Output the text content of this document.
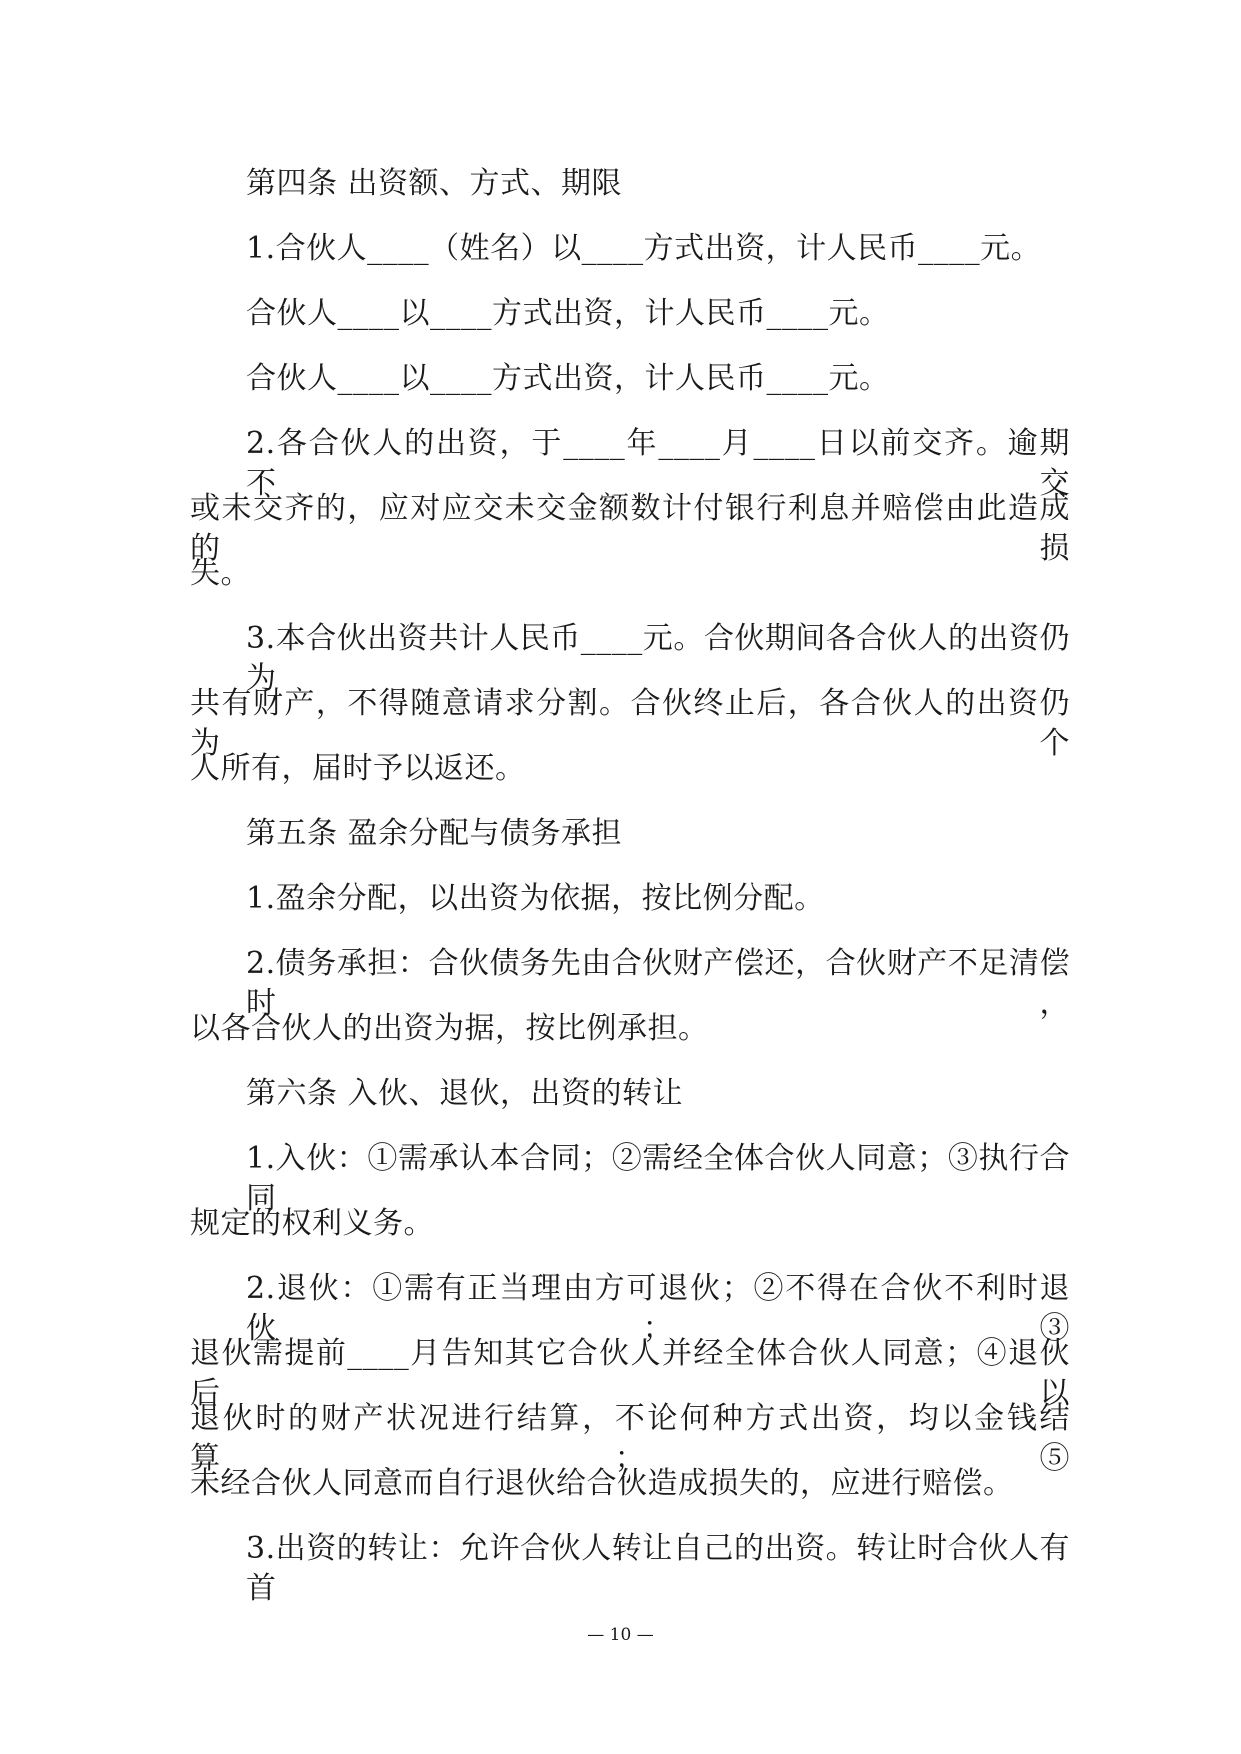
第四条 出资额、方式、期限
1.合伙人____（姓名）以____方式出资，计人民币____元。
合伙人____以____方式出资，计人民币____元。
合伙人____以____方式出资，计人民币____元。
2.各合伙人的出资，于____年____月____日以前交齐。逾期不交
或未交齐的，应对应交未交金额数计付银行利息并赔偿由此造成的损
失。
3.本合伙出资共计人民币____元。合伙期间各合伙人的出资仍为
共有财产，不得随意请求分割。合伙终止后，各合伙人的出资仍为个
人所有，届时予以返还。
第五条 盈余分配与债务承担
1.盈余分配，以出资为依据，按比例分配。
2.债务承担：合伙债务先由合伙财产偿还，合伙财产不足清偿时，
以各合伙人的出资为据，按比例承担。
第六条 入伙、退伙，出资的转让
1.入伙：①需承认本合同；②需经全体合伙人同意；③执行合同
规定的权利义务。
2.退伙：①需有正当理由方可退伙；②不得在合伙不利时退伙；③
退伙需提前____月告知其它合伙人并经全体合伙人同意；④退伙后以
退伙时的财产状况进行结算，不论何种方式出资，均以金钱结算；⑤
未经合伙人同意而自行退伙给合伙造成损失的，应进行赔偿。
3.出资的转让：允许合伙人转让自己的出资。转让时合伙人有首
— 10 —
